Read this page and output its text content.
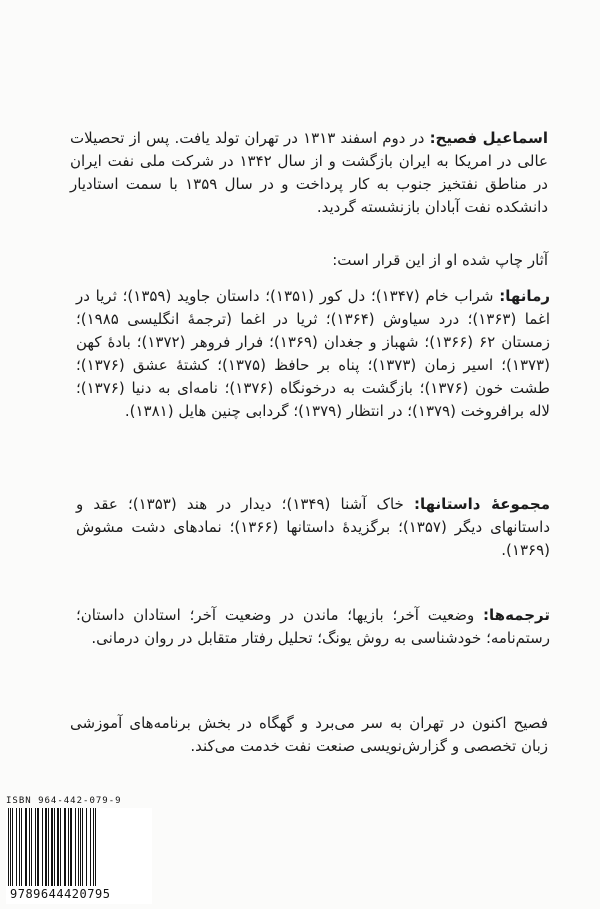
اسماعیل فصیح: در دوم اسفند ۱۳۱۳ در تهران تولد یافت. پس از تحصیلات عالی در امریکا به ایران بازگشت و از سال ۱۳۴۲ در شرکت ملی نفت ایران در مناطق نفتخیز جنوب به کار پرداخت و در سال ۱۳۵۹ با سمت استادیار دانشکده نفت آبادان بازنشسته گردید.
آثار چاپ شده او از این قرار است:
رمانها: شراب خام (۱۳۴۷)؛ دل کور (۱۳۵۱)؛ داستان جاوید (۱۳۵۹)؛ ثریا در اغما (۱۳۶۳)؛ درد سیاوش (۱۳۶۴)؛ ثریا در اغما (ترجمهٔ انگلیسی ۱۹۸۵)؛ زمستان ۶۲ (۱۳۶۶)؛ شهباز و جغدان (۱۳۶۹)؛ فرار فروهر (۱۳۷۲)؛ بادهٔ کهن (۱۳۷۳)؛ اسیر زمان (۱۳۷۳)؛ پناه بر حافظ (۱۳۷۵)؛ کشتهٔ عشق (۱۳۷۶)؛ طشت خون (۱۳۷۶)؛ بازگشت به درخونگاه (۱۳۷۶)؛ نامه‌ای به دنیا (۱۳۷۶)؛ لاله برافروخت (۱۳۷۹)؛ در انتظار (۱۳۷۹)؛ گردابی چنین هایل (۱۳۸۱).
مجموعهٔ داستانها: خاک آشنا (۱۳۴۹)؛ دیدار در هند (۱۳۵۳)؛ عقد و داستانهای دیگر (۱۳۵۷)؛ برگزیدهٔ داستانها (۱۳۶۶)؛ نمادهای دشت مشوش (۱۳۶۹).
ترجمه‌ها: وضعیت آخر؛ بازیها؛ ماندن در وضعیت آخر؛ استادان داستان؛ رستم‌نامه؛ خودشناسی به روش یونگ؛ تحلیل رفتار متقابل در روان درمانی.
فصیح اکنون در تهران به سر می‌برد و گهگاه در بخش برنامه‌های آموزشی زبان تخصصی و گزارش‌نویسی صنعت نفت خدمت می‌کند.
ISBN 964-442-079-9
9789644420795
